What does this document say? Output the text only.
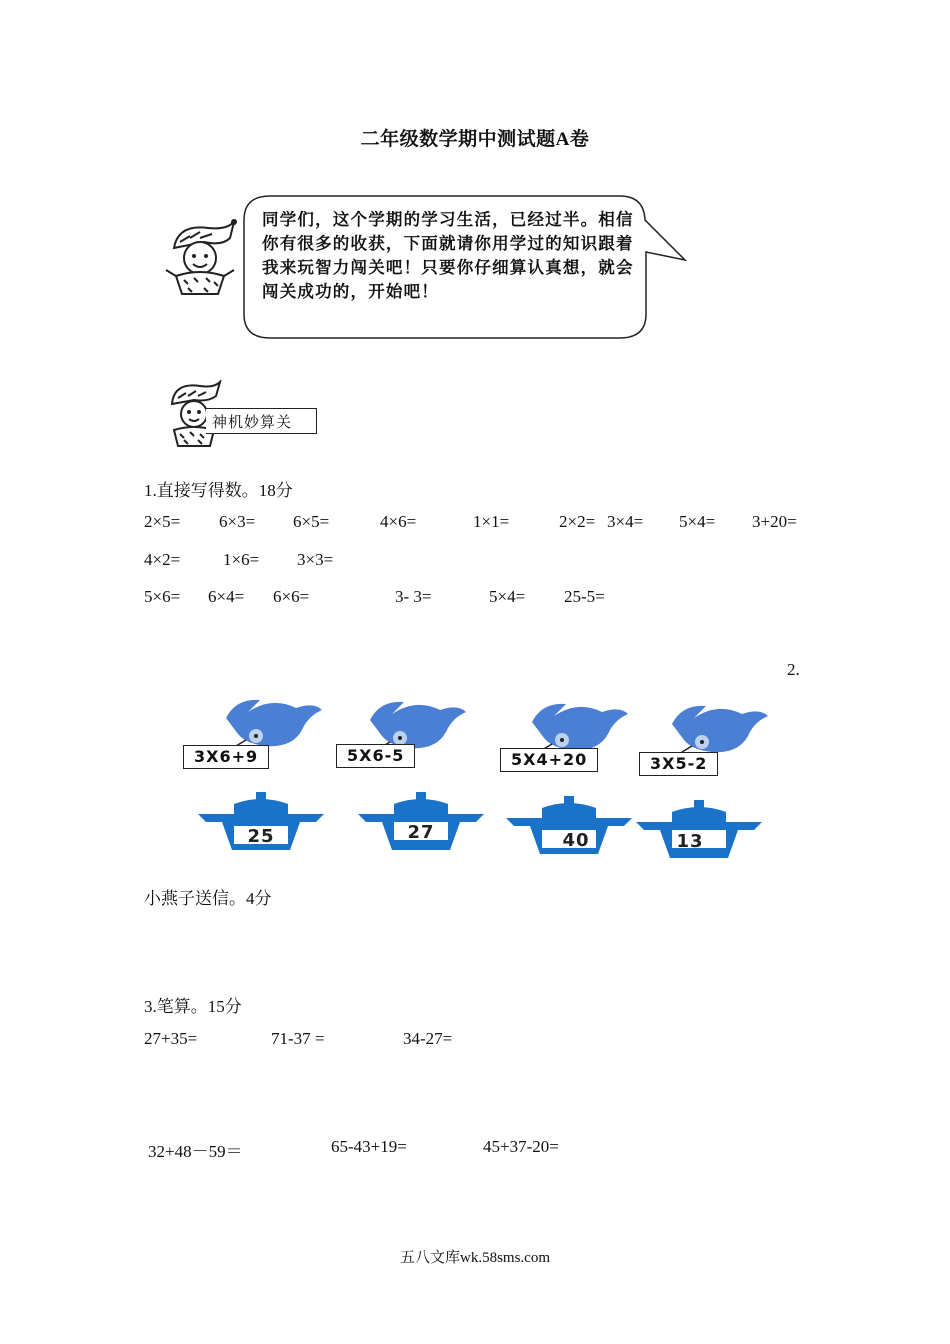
二年级数学期中测试题A卷
同学们，这个学期的学习生活，已经过半。相信你有很多的收获，下面就请你用学过的知识跟着我来玩智力闯关吧！只要你仔细算认真想，就会闯关成功的，开始吧！
神机妙算关
1.直接写得数。18分
2×5= 6×3= 6×5=	4×6=	1×1=	2×2= 3×4= 5×4= 3+20=
4×2=	1×6= 3×3=
5×6= 6×4= 6×6=	3- 3=	5×4= 25-5=
2.
3X6+9	5X6-5	5X4+20	3X5-2
25	27	40	13
小燕子送信。4分
3.笔算。15分
27+35=	71-37 =	34-27=
32+48－59＝	65-43+19=	45+37-20=
五八文库wk.58sms.com
